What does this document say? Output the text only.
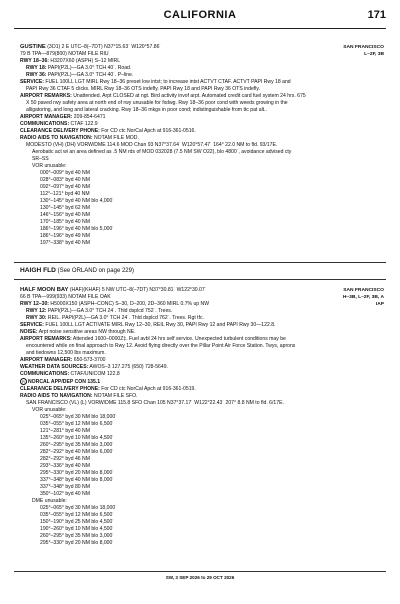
CALIFORNIA	171
SAN FRANCISCO
L–2F, 3B
GUSTINE (3O1) 2 E UTC–8(–7DT) N37°15.63´ W120°57.86´
79 B TPA—879(800) NOTAM FILE RIU
RWY 18–36: H3207X60 (ASPH) S–12 MIRL
RWY 18: PAPI(P2L)—GA 3.0° TCH 40´. Road.
RWY 36: PAPI(P2L)—GA 3.0° TCH 40´. P–line.
SERVICE: FUEL 100LL LGT MIRL Rwy 18–36 preset low intst; to increase intst ACTVT CTAF. ACTVT PAPI Rwy 18 and
PAPI Rwy 36 CTAF 5 clicks. MIRL Rwy 18–36 OTS indefly. PAPI Rwy 18 and PAPI Rwy 36 OTS indefly.
AIRPORT REMARKS: Unattended. Arpt CLOSED at ngt. Bird activity invof arpt. Automated credit card fuel system 24 hrs. 675
X 50 paved rwy safety area at north end of rwy unusable for fxdwg. Rwy 18–36 poor cond with weeds growing in the
alligatoring, and long and lateral cracking. Rwy 18–36 mkgs in poor cond; indistinguishable from ttc pat alt..
AIRPORT MANAGER: 209-854-6471
COMMUNICATIONS: CTAF 122.9
CLEARANCE DELIVERY PHONE: For CD ctc NorCal Apch at 916-361-0516.
RADIO AIDS TO NAVIGATION: NOTAM FILE MOD.
MODESTO (VH) (DH) VORW/DME 114.6 MOD Chan 93 N37°37.64´ W120°57.47´ 164° 22.0 NM to fld. 93/17E.
Aerobatic act wi an area defined as .5 NM rds of MOD 032028 (7.5 NM SW O22), blo 4800´, avoidance advised cty
SR–SS
VOR unusable:
000°–009° byd 40 NM
028°–083° byd 40 NM
092°–097° byd 40 NM
112°–121° byd 40 NM
130°–145° byd 40 NM blo 4,000´
130°–145° byd 62 NM
146°–156° byd 40 NM
170°–185° byd 40 NM
186°–196° byd 40 NM blo 5,000´
186°–196° byd 49 NM
197°–338° byd 40 NM
HAIGH FLD (See ORLAND on page 229)
SAN FRANCISCO
H–3B, L–2F, 3B, A
IAP
HALF MOON BAY (HAF)(KHAF) 5 NW UTC–8(–7DT) N37°30.81´ W122°30.07´
66 B TPA—999(933) NOTAM FILE OAK
RWY 12–30: H5000X150 (ASPH–CONC) S–30, D–200, 2D–360 MIRL 0.7% up NW
RWY 12: PAPI(P2L)—GA 3.0° TCH 24´. Thld dsplcd 752´. Trees.
RWY 30: REIL. PAPI(P2L)—GA 3.0° TCH 24´. Thld dsplcd 762´. Trees. Rgt tfc.
SERVICE: FUEL 100LL LGT ACTIVATE MIRL Rwy 12–30, REIL Rwy 30, PAPI Rwy 12 and PAPI Rwy 30—122.8.
NOISE: Arpt noise sensitive areas NW through NE.
AIRPORT REMARKS: Attended 1600–0000Z‡. Fuel avbl 24 hrs self service. Unexpected turbulent conditions may be
encountered while on final approach to Rwy 12. Avoid flying directly over the Pillar Point Air Force Station. Twys, aprons
and tiedowns 12,500 lbs maximum.
AIRPORT MANAGER: 650-573-3700
WEATHER DATA SOURCES: AWOS–3 127.275 (650) 728-5649.
COMMUNICATIONS: CTAF/UNICOM 122.8
R NORCAL APP/DEP CON 135.1
CLEARANCE DELIVERY PHONE: For CD ctc NorCal Apch at 916-361-0519.
RADIO AIDS TO NAVIGATION: NOTAM FILE SFO.
SAN FRANCISCO (VL) (L) VORW/DME 115.8 SFO Chan 105 N37°37.17´ W122°22.43´ 207° 8.8 NM to fld. 6/17E.
VOR unusable:
025°–065° byd 30 NM blo 18,000´
035°–055° byd 12 NM blo 6,500´
121°–281° byd 40 NM
135°–260° byd 10 NM blo 4,500´
260°–295° byd 35 NM blo 3,000´
282°–292° byd 40 NM blo 6,000´
282°–292° byd 46 NM
293°–336° byd 40 NM
295°–330° byd 20 NM blo 8,000´
337°–348° byd 40 NM blo 8,000´
337°–348° byd 80 NM
350°–102° byd 40 NM
DME unusable:
025°–065° byd 30 NM blo 18,000´
035°–055° byd 12 NM blo 6,500´
150°–190° byd 25 NM blo 4,500´
190°–260° byd 10 NM blo 4,500´
260°–295° byd 35 NM blo 3,000´
295°–330° byd 20 NM blo 8,000´
SW, 3 SEP 2026 to 29 OCT 2026
